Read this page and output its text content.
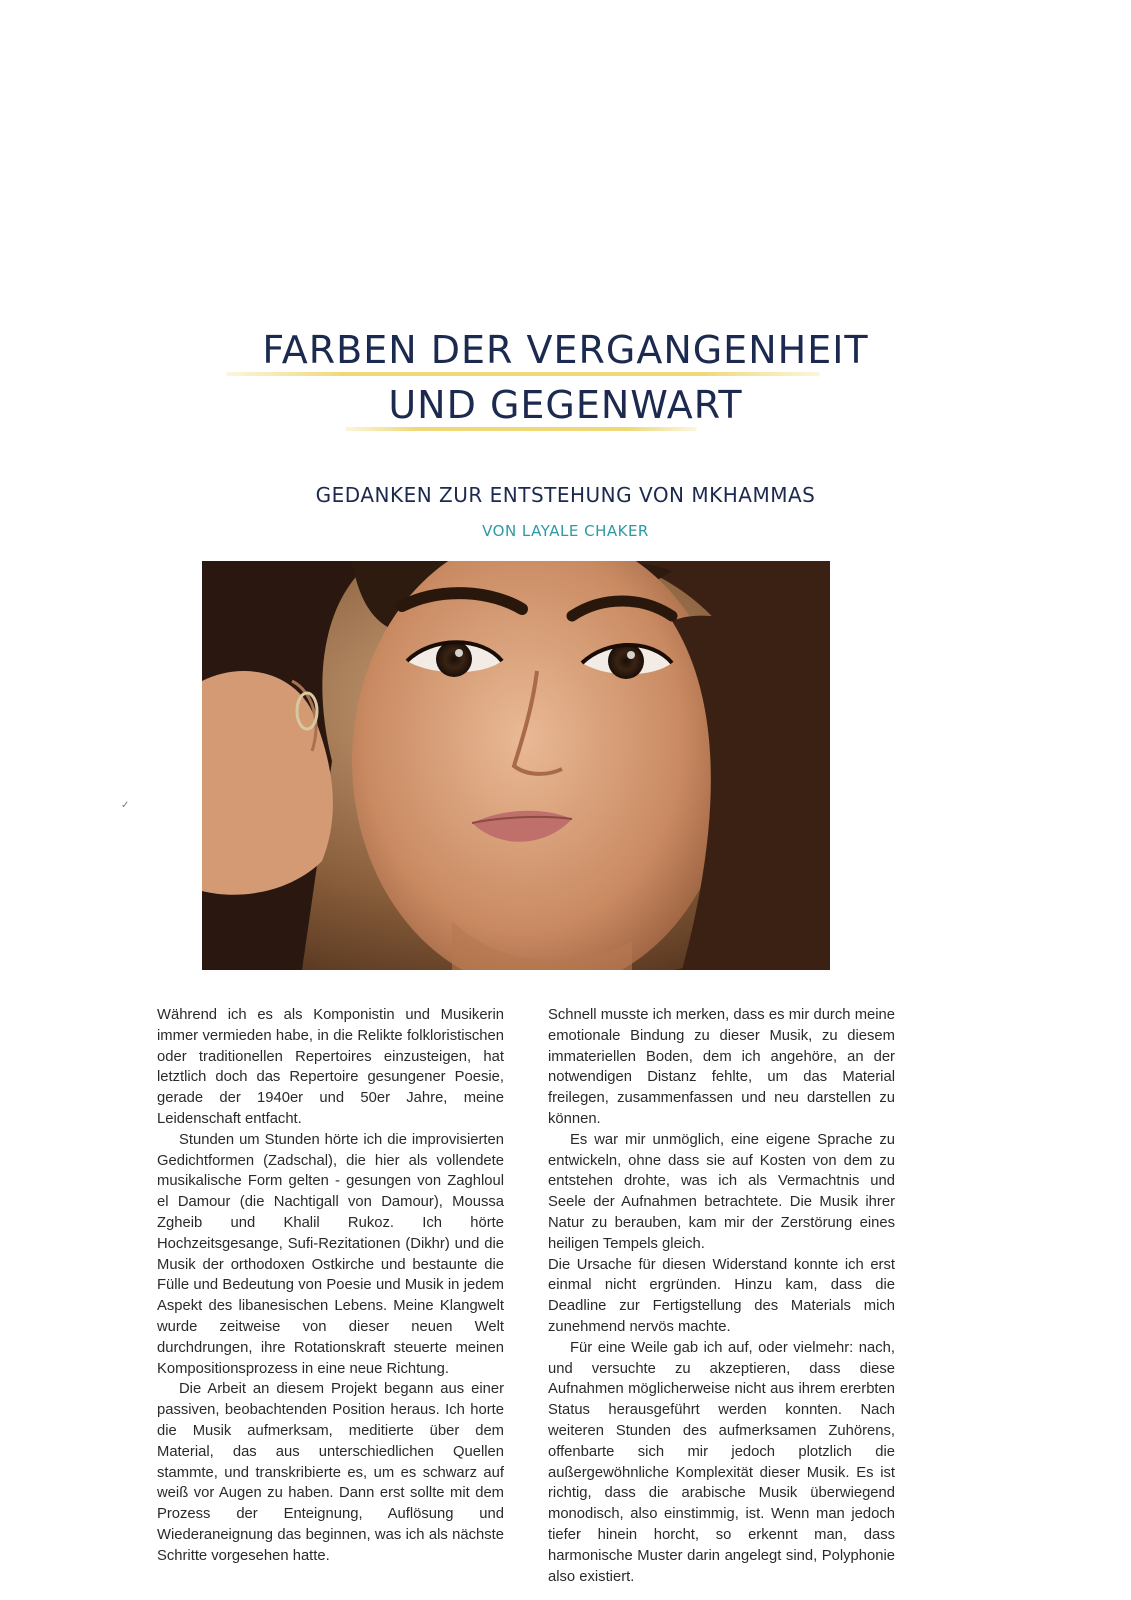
FARBEN DER VERGANGENHEIT
UND GEGENWART
GEDANKEN ZUR ENTSTEHUNG VON MKHAMMAS
VON LAYALE CHAKER
✓

Während ich es als Komponistin und Musikerin immer vermieden habe, in die Relikte folkloristischen oder traditionellen Repertoires einzusteigen, hat letztlich doch das Repertoire gesungener Poesie, gerade der 1940er und 50er Jahre, meine Leidenschaft entfacht.

Stunden um Stunden hörte ich die improvisierten Gedichtformen (Zadschal), die hier als vollendete musikalische Form gelten - gesungen von Zaghloul el Damour (die Nachtigall von Damour), Moussa Zgheib und Khalil Rukoz. Ich hörte Hochzeitsgesange, Sufi-Rezitationen (Dikhr) und die Musik der orthodoxen Ostkirche und bestaunte die Fülle und Bedeutung von Poesie und Musik in jedem Aspekt des libanesischen Lebens. Meine Klangwelt wurde zeitweise von dieser neuen Welt durchdrungen, ihre Rotationskraft steuerte meinen Kompositionsprozess in eine neue Richtung.

Die Arbeit an diesem Projekt begann aus einer passiven, beobachtenden Position heraus. Ich horte die Musik aufmerksam, meditierte über dem Material, das aus unterschiedlichen Quellen stammte, und transkribierte es, um es schwarz auf weiß vor Augen zu haben. Dann erst sollte mit dem Prozess der Enteignung, Auflösung und Wiederaneignung das beginnen, was ich als nächste Schritte vorgesehen hatte.

Schnell musste ich merken, dass es mir durch meine emotionale Bindung zu dieser Musik, zu diesem immateriellen Boden, dem ich angehöre, an der notwendigen Distanz fehlte, um das Material freilegen, zusammenfassen und neu darstellen zu können.

Es war mir unmöglich, eine eigene Sprache zu entwickeln, ohne dass sie auf Kosten von dem zu entstehen drohte, was ich als Vermachtnis und Seele der Aufnahmen betrachtete. Die Musik ihrer Natur zu berauben, kam mir der Zerstörung eines heiligen Tempels gleich.

Die Ursache für diesen Widerstand konnte ich erst einmal nicht ergründen. Hinzu kam, dass die Deadline zur Fertigstellung des Materials mich zunehmend nervös machte.

Für eine Weile gab ich auf, oder vielmehr: nach, und versuchte zu akzeptieren, dass diese Aufnahmen möglicherweise nicht aus ihrem ererbten Status herausgeführt werden konnten. Nach weiteren Stunden des aufmerksamen Zuhörens, offenbarte sich mir jedoch plotzlich die außergewöhnliche Komplexität dieser Musik. Es ist richtig, dass die arabische Musik überwiegend monodisch, also einstimmig, ist. Wenn man jedoch tiefer hinein horcht, so erkennt man, dass harmonische Muster darin angelegt sind, Polyphonie also existiert.
